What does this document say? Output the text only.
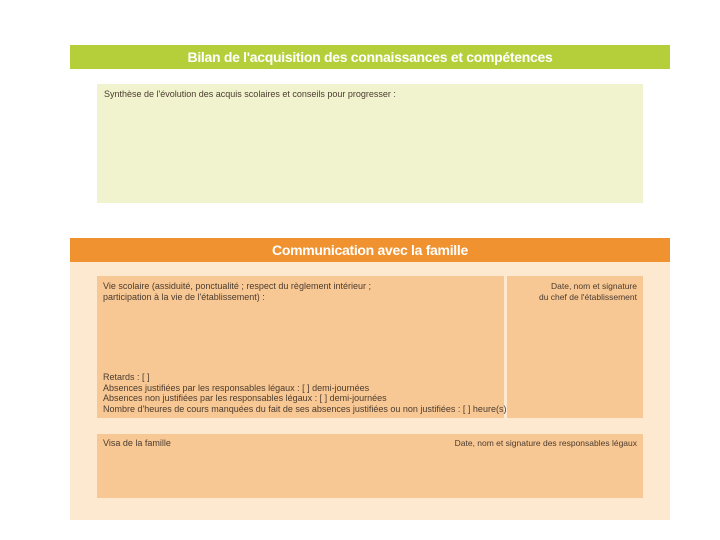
Bilan de l'acquisition des connaissances et compétences
Synthèse de l'évolution des acquis scolaires et conseils pour progresser :
Communication avec la famille
Vie scolaire (assiduité, ponctualité ; respect du règlement intérieur ;
participation à la vie de l'établissement) :
Retards : [ ]
Absences justifiées par les responsables légaux : [ ] demi-journées
Absences non justifiées par les responsables légaux : [ ] demi-journées
Nombre d'heures de cours manquées du fait de ses absences justifiées ou non justifiées : [ ] heure(s)
Date, nom et signature
du chef de l'établissement
Visa de la famille	Date, nom et signature des responsables légaux
